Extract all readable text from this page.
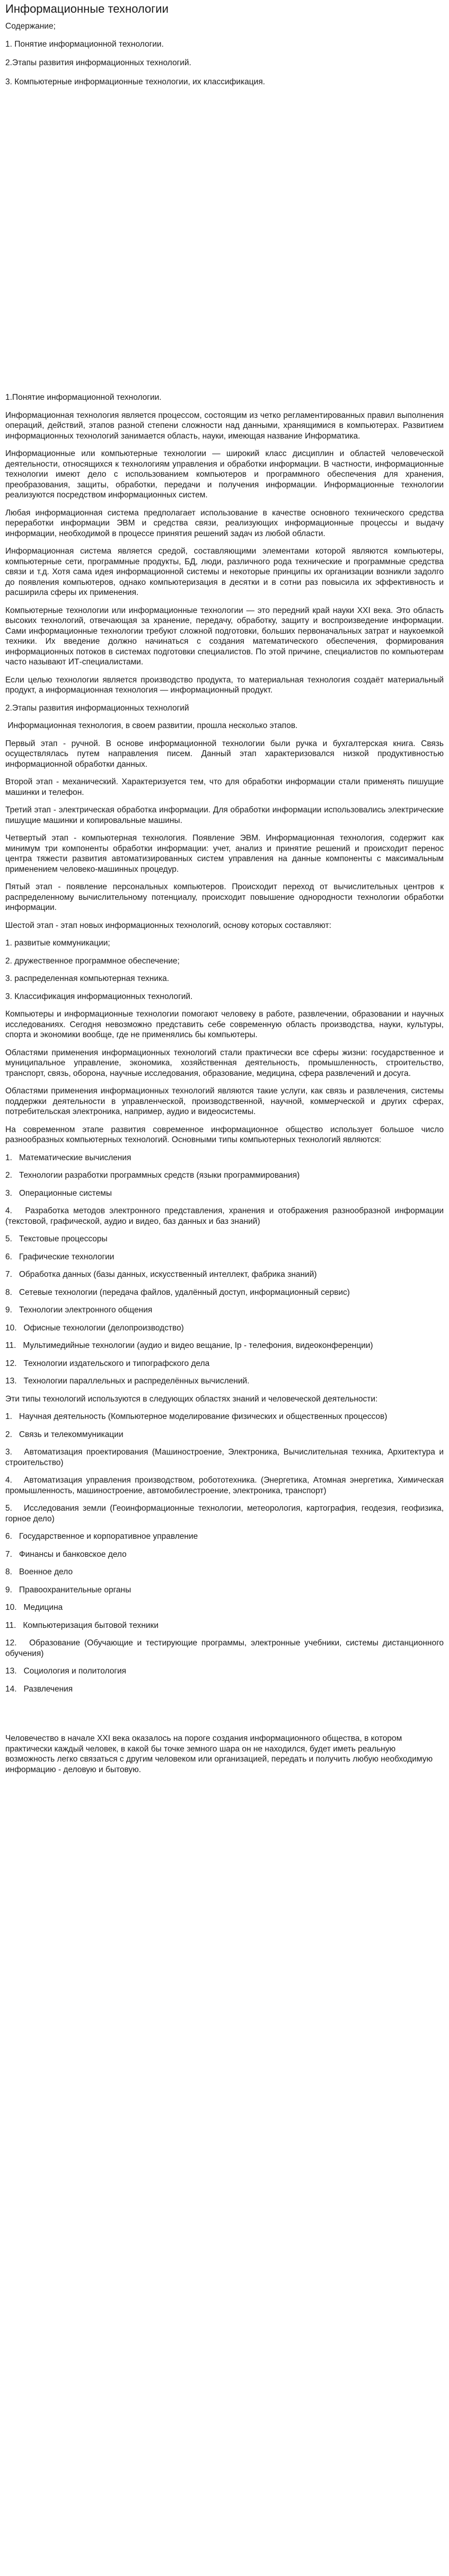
Информационные технологии

Содержание;

1. Понятие информационной технологии.

2.Этапы развития информационных технологий.

3. Компьютерные информационные технологии, их классификация.

1.Понятие информационной технологии.

Информационная технология является процессом, состоящим из четко регламентированных правил выполнения операций, действий, этапов разной степени сложности над данными, хранящимися в компьютерах. Развитием информационных технологий занимается область, науки, имеющая название Информатика.

Информационные или компьютерные технологии — широкий класс дисциплин и областей человеческой деятельности, относящихся к технологиям управления и обработки информации. В частности, информационные технологии имеют дело с использованием компьютеров и программного обеспечения для хранения, преобразования, защиты, обработки, передачи и получения информации. Информационные технологии реализуются посредством информационных систем.

Любая информационная система предполагает использование в качестве основного технического средства переработки информации ЭВМ и средства связи, реализующих информационные процессы и выдачу информации, необходимой в процессе принятия решений задач из любой области.

Информационная система является средой, составляющими элементами которой являются компьютеры, компьютерные сети, программные продукты, БД, люди, различного рода технические и программные средства связи и т.д. Хотя сама идея информационной системы и некоторые принципы их организации возникли задолго до появления компьютеров, однако компьютеризация в десятки и в сотни раз повысила их эффективность и расширила сферы их применения.

Компьютерные технологии или информационные технологии — это передний край науки XXI века. Это область высоких технологий, отвечающая за хранение, передачу, обработку, защиту и воспроизведение информации. Сами информационные технологии требуют сложной подготовки, больших первоначальных затрат и наукоемкой техники. Их введение должно начинаться с создания математического обеспечения, формирования информационных потоков в системах подготовки специалистов. По этой причине, специалистов по компьютерам часто называют ИТ-специалистами.

Если целью технологии является производство продукта, то материальная технология создаёт материальный продукт, а информационная технология — информационный продукт.

2.Этапы развития информационных технологий

Информационная технология, в своем развитии, прошла несколько этапов.

Первый этап - ручной. В основе информационной технологии были ручка и бухгалтерская книга. Связь осуществлялась путем направления писем. Данный этап характеризовался низкой продуктивностью информационной обработки данных.

Второй этап - механический. Характеризуется тем, что для обработки информации стали применять пишущие машинки и телефон.

Третий этап - электрическая обработка информации. Для обработки информации использовались электрические пишущие машинки и копировальные машины.

Четвертый этап - компьютерная технология. Появление ЭВМ. Информационная технология, содержит как минимум три компоненты обработки информации: учет, анализ и принятие решений и происходит перенос центра тяжести развития автоматизированных систем управления на данные компоненты с максимальным применением человеко-машинных процедур.

Пятый этап - появление персональных компьютеров. Происходит переход от вычислительных центров к распределенному вычислительному потенциалу, происходит повышение однородности технологии обработки информации.

Шестой этап - этап новых информационных технологий, основу которых составляют:

1. развитые коммуникации;

2. дружественное программное обеспечение;

3. распределенная компьютерная техника.

3. Классификация информационных технологий.

Компьютеры и информационные технологии помогают человеку в работе, развлечении, образовании и научных исследованиях. Сегодня невозможно представить себе современную область производства, науки, культуры, спорта и экономики вообще, где не применялись бы компьютеры.

Областями применения информационных технологий стали практически все сферы жизни: государственное и муниципальное управление, экономика, хозяйственная деятельность, промышленность, строительство, транспорт, связь, оборона, научные исследования, образование, медицина, сфера развлечений и досуга.

Областями применения информационных технологий являются такие услуги, как связь и развлечения, системы поддержки деятельности в управленческой, производственной, научной, коммерческой и других сферах, потребительская электроника, например, аудио и видеосистемы.

На современном этапе развития современное информационное общество использует большое число разнообразных компьютерных технологий. Основными типы компьютерных технологий являются:

1.   Математические вычисления

2.   Технологии разработки программных средств (языки программирования)

3.   Операционные системы

4.   Разработка методов электронного представления, хранения и отображения разнообразной информации (текстовой, графической, аудио и видео, баз данных и баз знаний)

5.   Текстовые процессоры

6.   Графические технологии

7.   Обработка данных (базы данных, искусственный интеллект, фабрика знаний)

8.   Сетевые технологии (передача файлов, удалённый доступ, информационный сервис)

9.   Технологии электронного общения

10.   Офисные технологии (делопроизводство)

11.   Мультимедийные технологии (аудио и видео вещание, Ip - телефония, видеоконференции)

12.   Технологии издательского и типографского дела

13.   Технологии параллельных и распределённых вычислений.

Эти типы технологий используются в следующих областях знаний и человеческой деятельности:

1.   Научная деятельность (Компьютерное моделирование физических и общественных процессов)

2.   Связь и телекоммуникации

3.   Автоматизация проектирования (Машиностроение, Электроника, Вычислительная техника, Архитектура и строительство)

4.   Автоматизация управления производством, робототехника. (Энергетика, Атомная энергетика, Химическая промышленность, машиностроение, автомобилестроение, электроника, транспорт)

5.   Исследования земли (Геоинформационные технологии, метеорология, картография, геодезия, геофизика, горное дело)

6.   Государственное и корпоративное управление

7.   Финансы и банковское дело

8.   Военное дело

9.   Правоохранительные органы

10.   Медицина

11.   Компьютеризация бытовой техники

12.   Образование (Обучающие и тестирующие программы, электронные учебники, системы дистанционного обучения)

13.   Социология и политология

14.   Развлечения

Человечество в начале XXI века оказалось на пороге создания информационного общества, в котором практически каждый человек, в какой бы точке земного шара он не находился, будет иметь реальную возможность легко связаться с другим человеком или организацией, передать и получить любую необходимую информацию - деловую и бытовую.
